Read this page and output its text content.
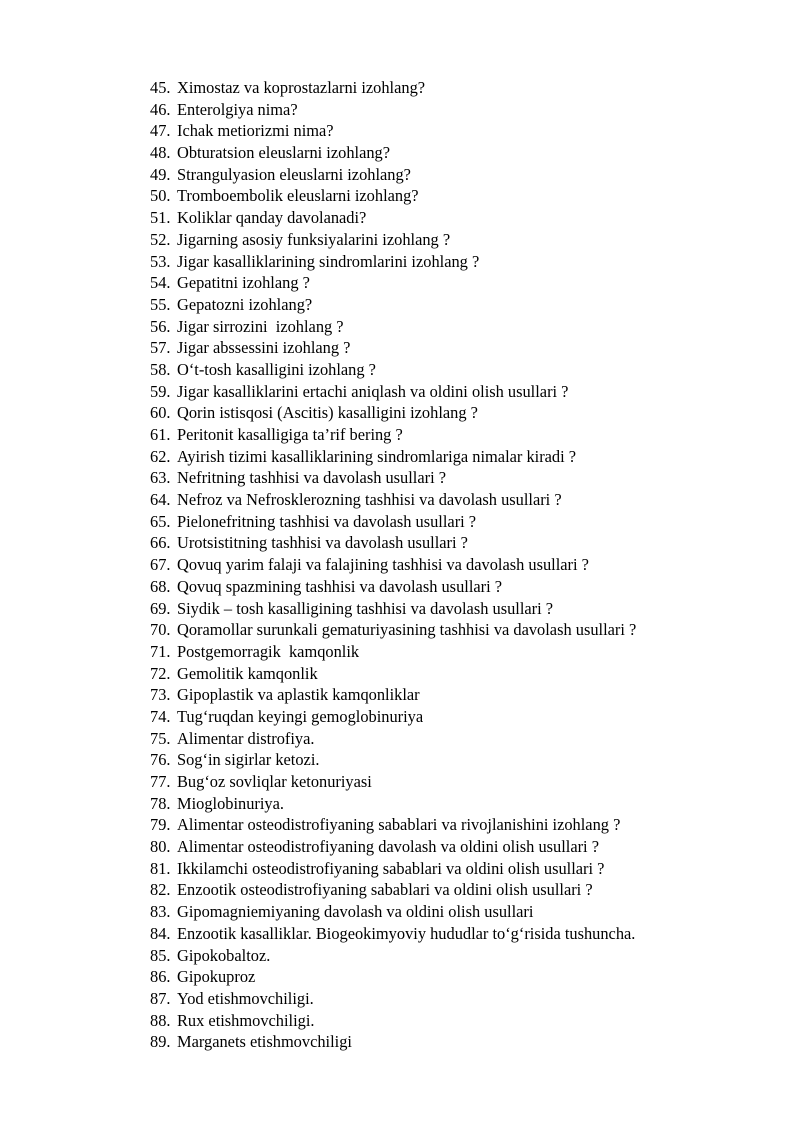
45. Ximostaz va koprostazlarni izohlang?
46. Enterolgiya nima?
47. Ichak metiorizmi nima?
48. Obturatsion eleuslarni izohlang?
49. Strangulyasion eleuslarni izohlang?
50. Tromboembolik eleuslarni izohlang?
51. Koliklar qanday davolanadi?
52. Jigarning asosiy funksiyalarini izohlang ?
53. Jigar kasalliklarining sindromlarini izohlang ?
54. Gepatitni izohlang ?
55. Gepatozni izohlang?
56. Jigar sirrozini  izohlang ?
57. Jigar abssessini izohlang ?
58. O‘t-tosh kasalligini izohlang ?
59. Jigar kasalliklarini ertachi aniqlash va oldini olish usullari ?
60. Qorin istisqosi (Ascitis) kasalligini izohlang ?
61. Peritonit kasalligiga ta’rif bering ?
62. Ayirish tizimi kasalliklarining sindromlariga nimalar kiradi ?
63. Nefritning tashhisi va davolash usullari ?
64. Nefroz va Nefrosklerozning tashhisi va davolash usullari ?
65. Pielonefritning tashhisi va davolash usullari ?
66. Urotsistitning tashhisi va davolash usullari ?
67. Qovuq yarim falaji va falajining tashhisi va davolash usullari ?
68. Qovuq spazmining tashhisi va davolash usullari ?
69. Siydik – tosh kasalligining tashhisi va davolash usullari ?
70. Qoramollar surunkali gematuriyasining tashhisi va davolash usullari ?
71. Postgemorragik  kamqonlik
72. Gemolitik kamqonlik
73. Gipoplastik va aplastik kamqonliklar
74. Tug‘ruqdan keyingi gemoglobinuriya
75. Alimentar distrofiya.
76. Sog‘in sigirlar ketozi.
77. Bug‘oz sovliqlar ketonuriyasi
78. Mioglobinuriya.
79. Alimentar osteodistrofiyaning sabablari va rivojlanishini izohlang ?
80. Alimentar osteodistrofiyaning davolash va oldini olish usullari ?
81. Ikkilamchi osteodistrofiyaning sabablari va oldini olish usullari ?
82. Enzootik osteodistrofiyaning sabablari va oldini olish usullari ?
83. Gipomagniemiyaning davolash va oldini olish usullari
84. Enzootik kasalliklar. Biogeokimyoviy hududlar to‘g‘risida tushuncha.
85. Gipokobaltoz.
86. Gipokuproz
87. Yod etishmovchiligi.
88. Rux etishmovchiligi.
89. Marganets etishmovchiligi
